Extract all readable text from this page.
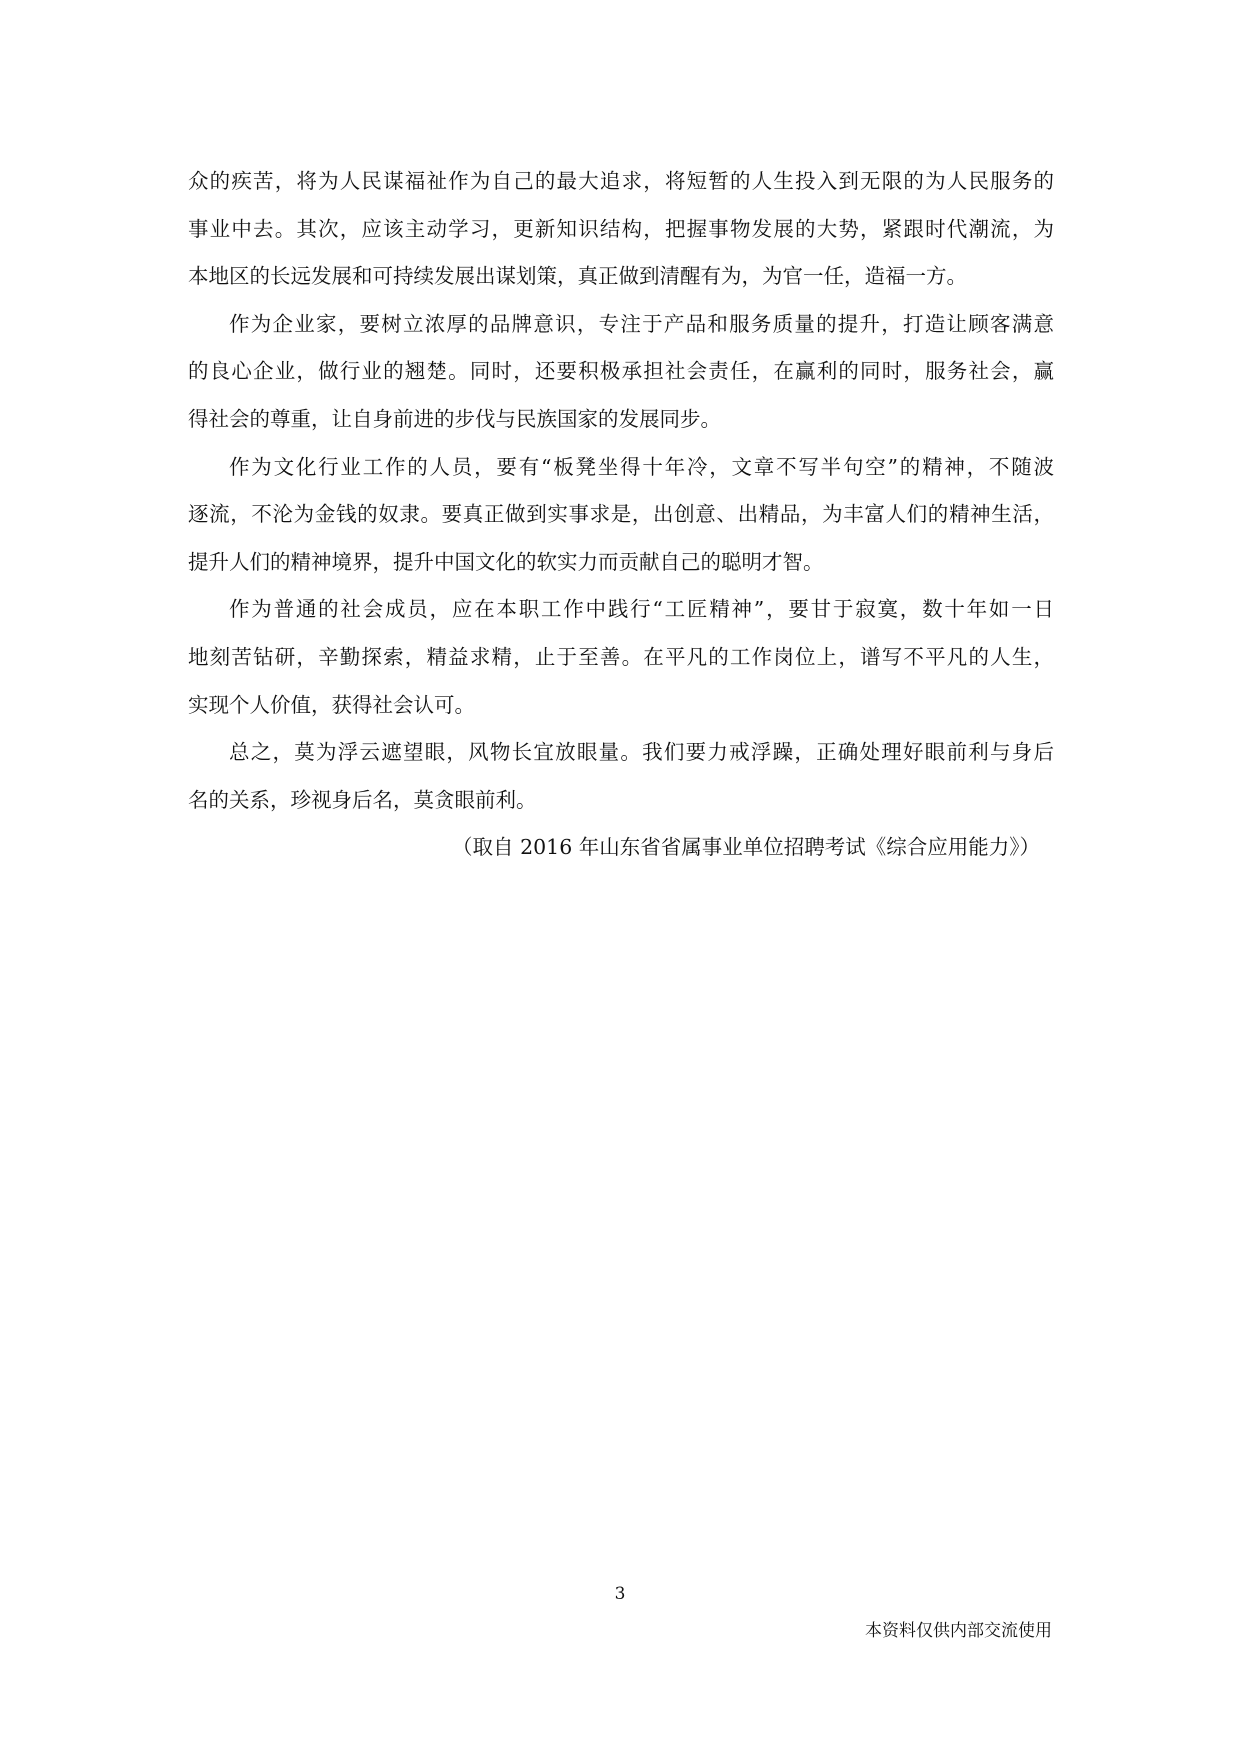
众的疾苦，将为人民谋福祉作为自己的最大追求，将短暂的人生投入到无限的为人民服务的
事业中去。其次，应该主动学习，更新知识结构，把握事物发展的大势，紧跟时代潮流，为
本地区的长远发展和可持续发展出谋划策，真正做到清醒有为，为官一任，造福一方。
作为企业家，要树立浓厚的品牌意识，专注于产品和服务质量的提升，打造让顾客满意
的良心企业，做行业的翘楚。同时，还要积极承担社会责任，在赢利的同时，服务社会，赢
得社会的尊重，让自身前进的步伐与民族国家的发展同步。
作为文化行业工作的人员，要有“板凳坐得十年冷，文章不写半句空”的精神，不随波
逐流，不沦为金钱的奴隶。要真正做到实事求是，出创意、出精品，为丰富人们的精神生活，
提升人们的精神境界，提升中国文化的软实力而贡献自己的聪明才智。
作为普通的社会成员，应在本职工作中践行“工匠精神”，要甘于寂寞，数十年如一日
地刻苦钻研，辛勤探索，精益求精，止于至善。在平凡的工作岗位上，谱写不平凡的人生，
实现个人价值，获得社会认可。
总之，莫为浮云遮望眼，风物长宜放眼量。我们要力戒浮躁，正确处理好眼前利与身后
名的关系，珍视身后名，莫贪眼前利。
（取自 2016 年山东省省属事业单位招聘考试《综合应用能力》）
3
本资料仅供内部交流使用
